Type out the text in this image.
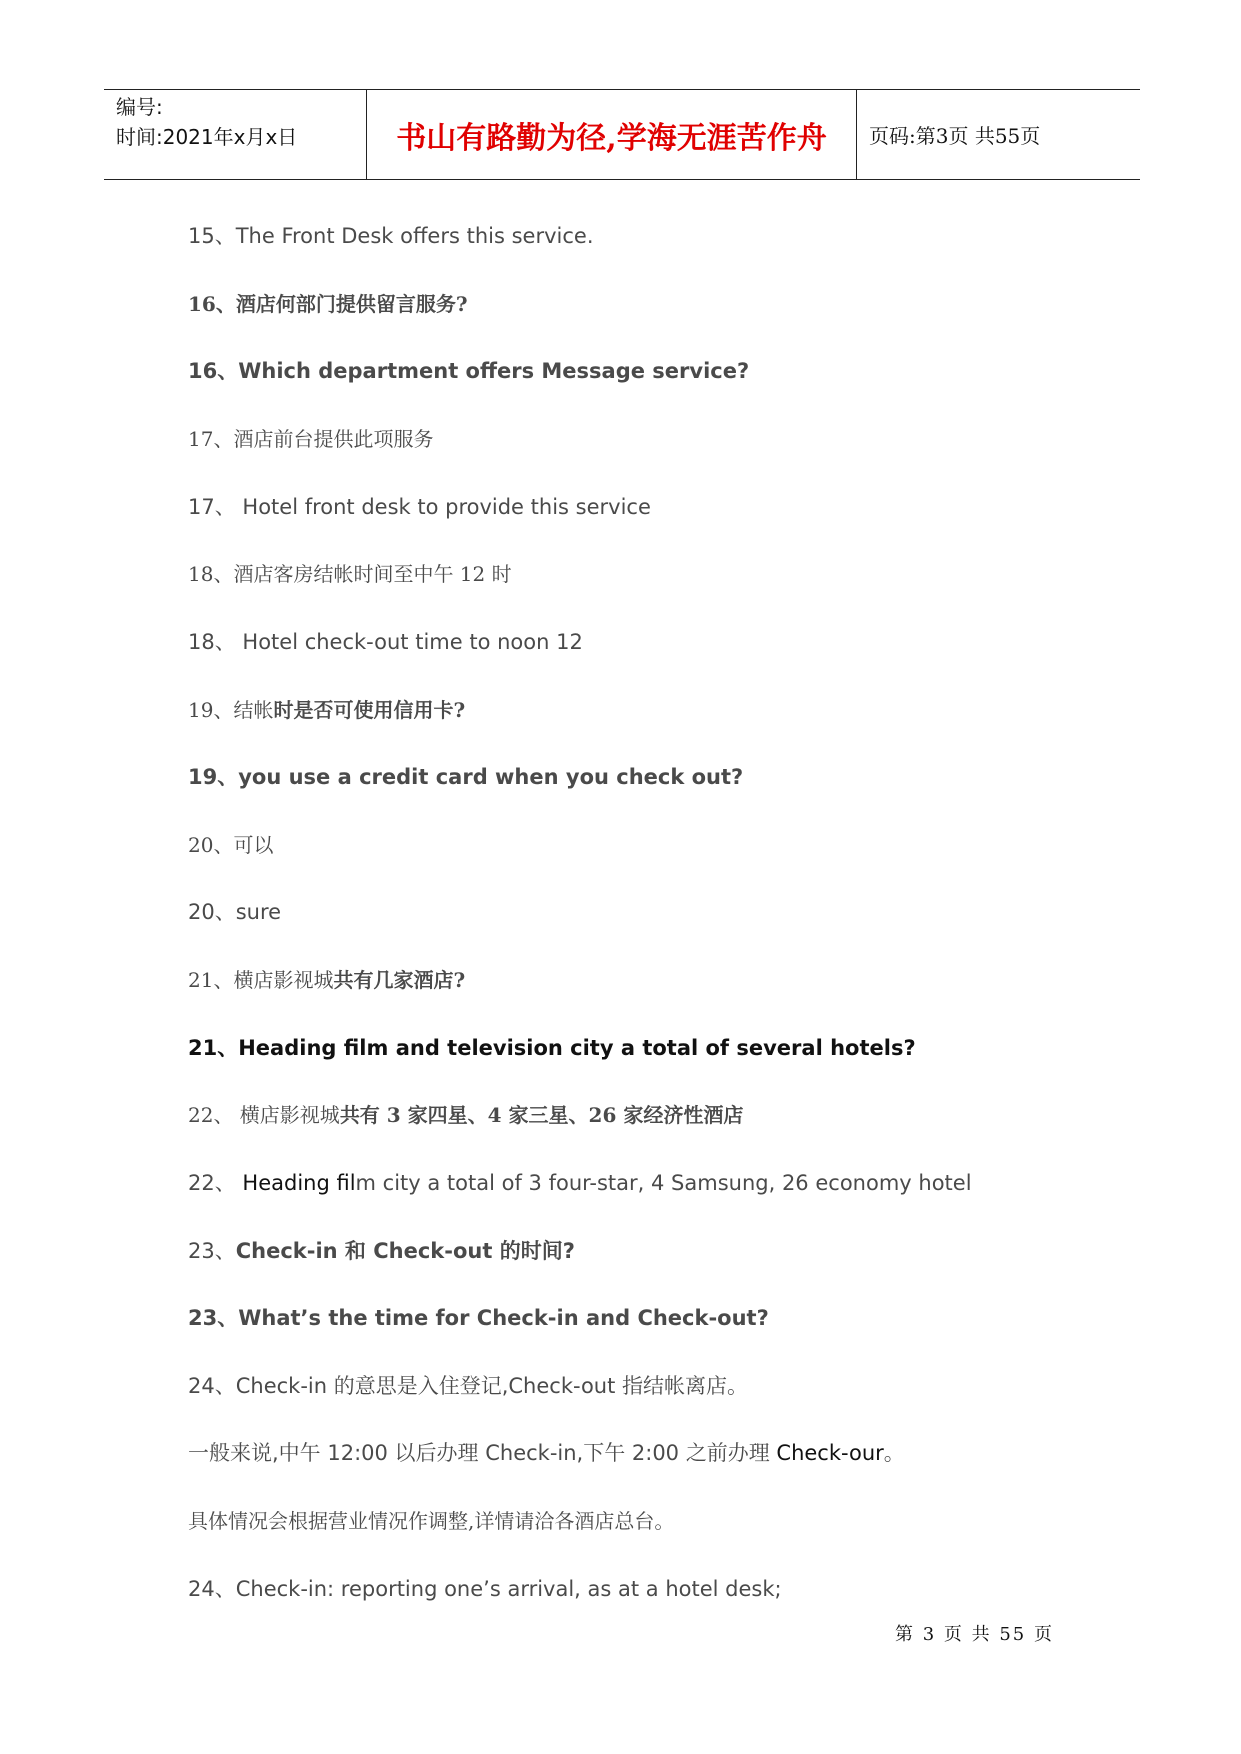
编号:
时间:2021年x月x日	书山有路勤为径,学海无涯苦作舟 页码:第3页 共55页
15、The Front Desk offers this service.
16、酒店何部门提供留言服务?
16、Which department offers Message service?
17、酒店前台提供此项服务
17、 Hotel front desk to provide this service
18、酒店客房结帐时间至中午 12 时
18、 Hotel check-out time to noon 12
19、结帐时是否可使用信用卡?
19、you use a credit card when you check out?
20、可以
20、sure
21、横店影视城共有几家酒店?
21、Heading film and television city a total of several hotels?
22、 横店影视城共有 3 家四星、4 家三星、26 家经济性酒店
22、 Heading film city a total of 3 four-star, 4 Samsung, 26 economy hotel
23、Check-in 和 Check-out 的时间?
23、What’s the time for Check-in and Check-out?
24、Check-in 的意思是入住登记,Check-out 指结帐离店。
一般来说,中午 12:00 以后办理 Check-in,下午 2:00 之前办理 Check-our。
具体情况会根据营业情况作调整,详情请洽各酒店总台。
24、Check-in: reporting one’s arrival, as at a hotel desk;
第 3 页 共 55 页
